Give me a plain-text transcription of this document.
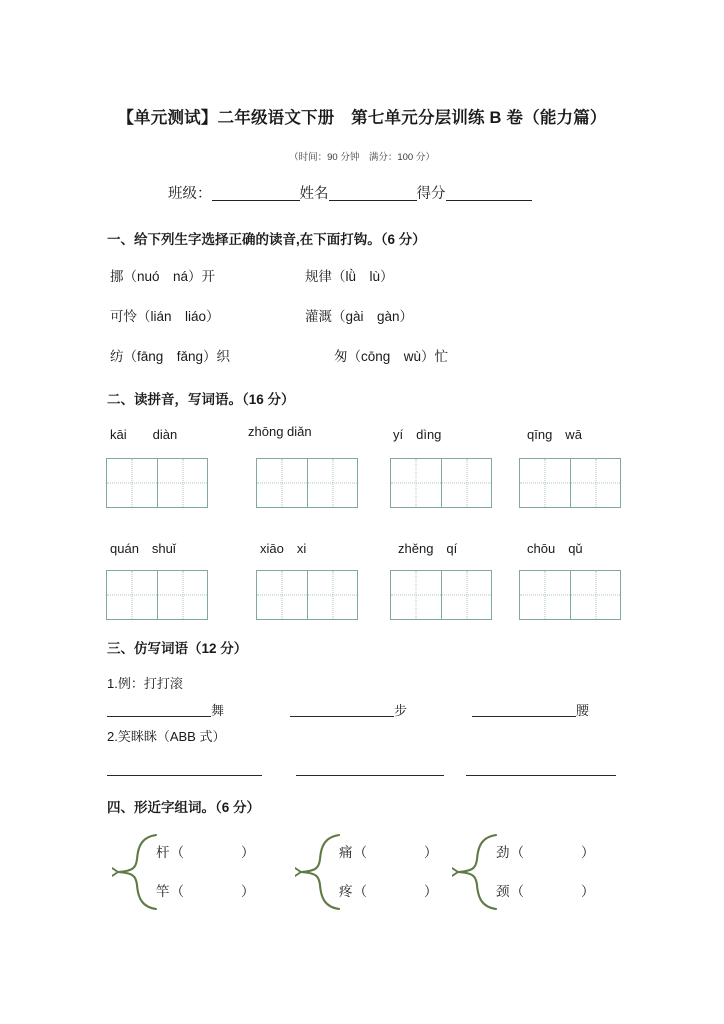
【单元测试】二年级语文下册　第七单元分层训练 B 卷（能力篇）
（时间：90 分钟　满分：100 分）
班级：	姓名	得分
一、给下列生字选择正确的读音,在下面打钩。（6 分）
挪（nuó　ná）开	规律（lǜ　lù）
可怜（lián　liáo）	灌溉（gài　gàn）
纺（fāng　fǎng）织	匆（cōng　wù）忙
二、读拼音，写词语。（16 分）
kāi　　diàn	zhōng diǎn	yí　dìng	qīng　wā
quán　shuǐ	xiāo　xi	zhěng　qí	chōu　qǔ
三、仿写词语（12 分）
1.例：打打滚
舞	步	腰
2.笑眯眯（ABB 式）
四、形近字组词。（6 分）
杆（	）
竿（	）
痛（	）
疼（	）
劲（	）
颈（	）
